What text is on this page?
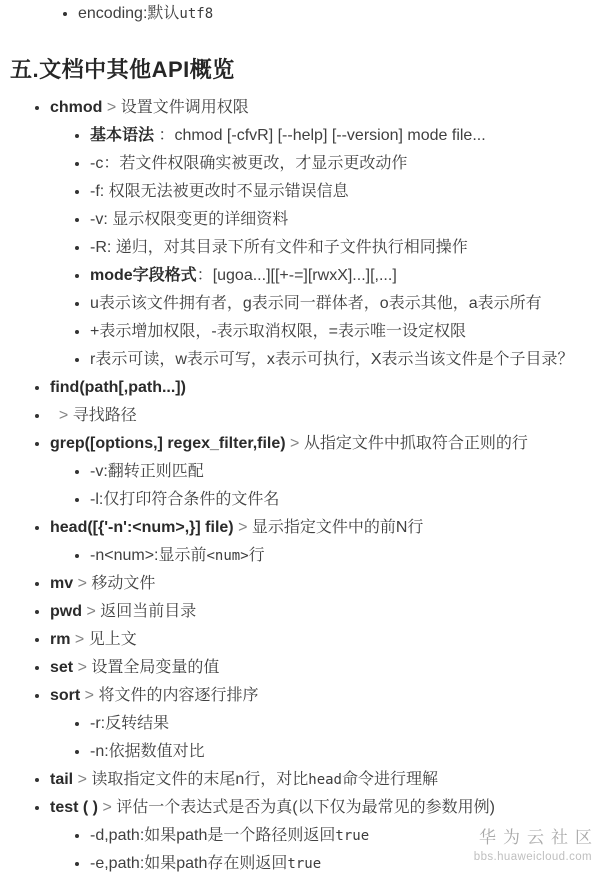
• encoding:默认utf8
五.文档中其他API概览
• chmod > 设置文件调用权限
• 基本语法 ：chmod [-cfvR] [--help] [--version] mode file...
• -c：若文件权限确实被更改，才显示更改动作
• -f: 权限无法被更改时不显示错误信息
• -v: 显示权限变更的详细资料
• -R: 递归，对其目录下所有文件和子文件执行相同操作
• mode字段格式：[ugoa...][[+-=][rwxX]...][,...]
• u表示该文件拥有者，g表示同一群体者，o表示其他，a表示所有
• +表示增加权限，-表示取消权限，=表示唯一设定权限
• r表示可读，w表示可写，x表示可执行，X表示当该文件是个子目录？
• find(path[,path...])
•   > 寻找路径
• grep([options,] regex_filter,file) > 从指定文件中抓取符合正则的行
• -v:翻转正则匹配
• -l:仅打印符合条件的文件名
• head([{'-n':<num>,}] file) > 显示指定文件中的前N行
• -n<num>:显示前<num>行
• mv > 移动文件
• pwd > 返回当前目录
• rm > 见上文
• set > 设置全局变量的值
• sort > 将文件的内容逐行排序
• -r:反转结果
• -n:依据数值对比
• tail > 读取指定文件的末尾n行，对比head命令进行理解
• test ( ) > 评估一个表达式是否为真(以下仅为最常见的参数用例)
• -d,path:如果path是一个路径则返回true
• -e,path:如果path存在则返回true
华为云社区
bbs.huaweicloud.com
